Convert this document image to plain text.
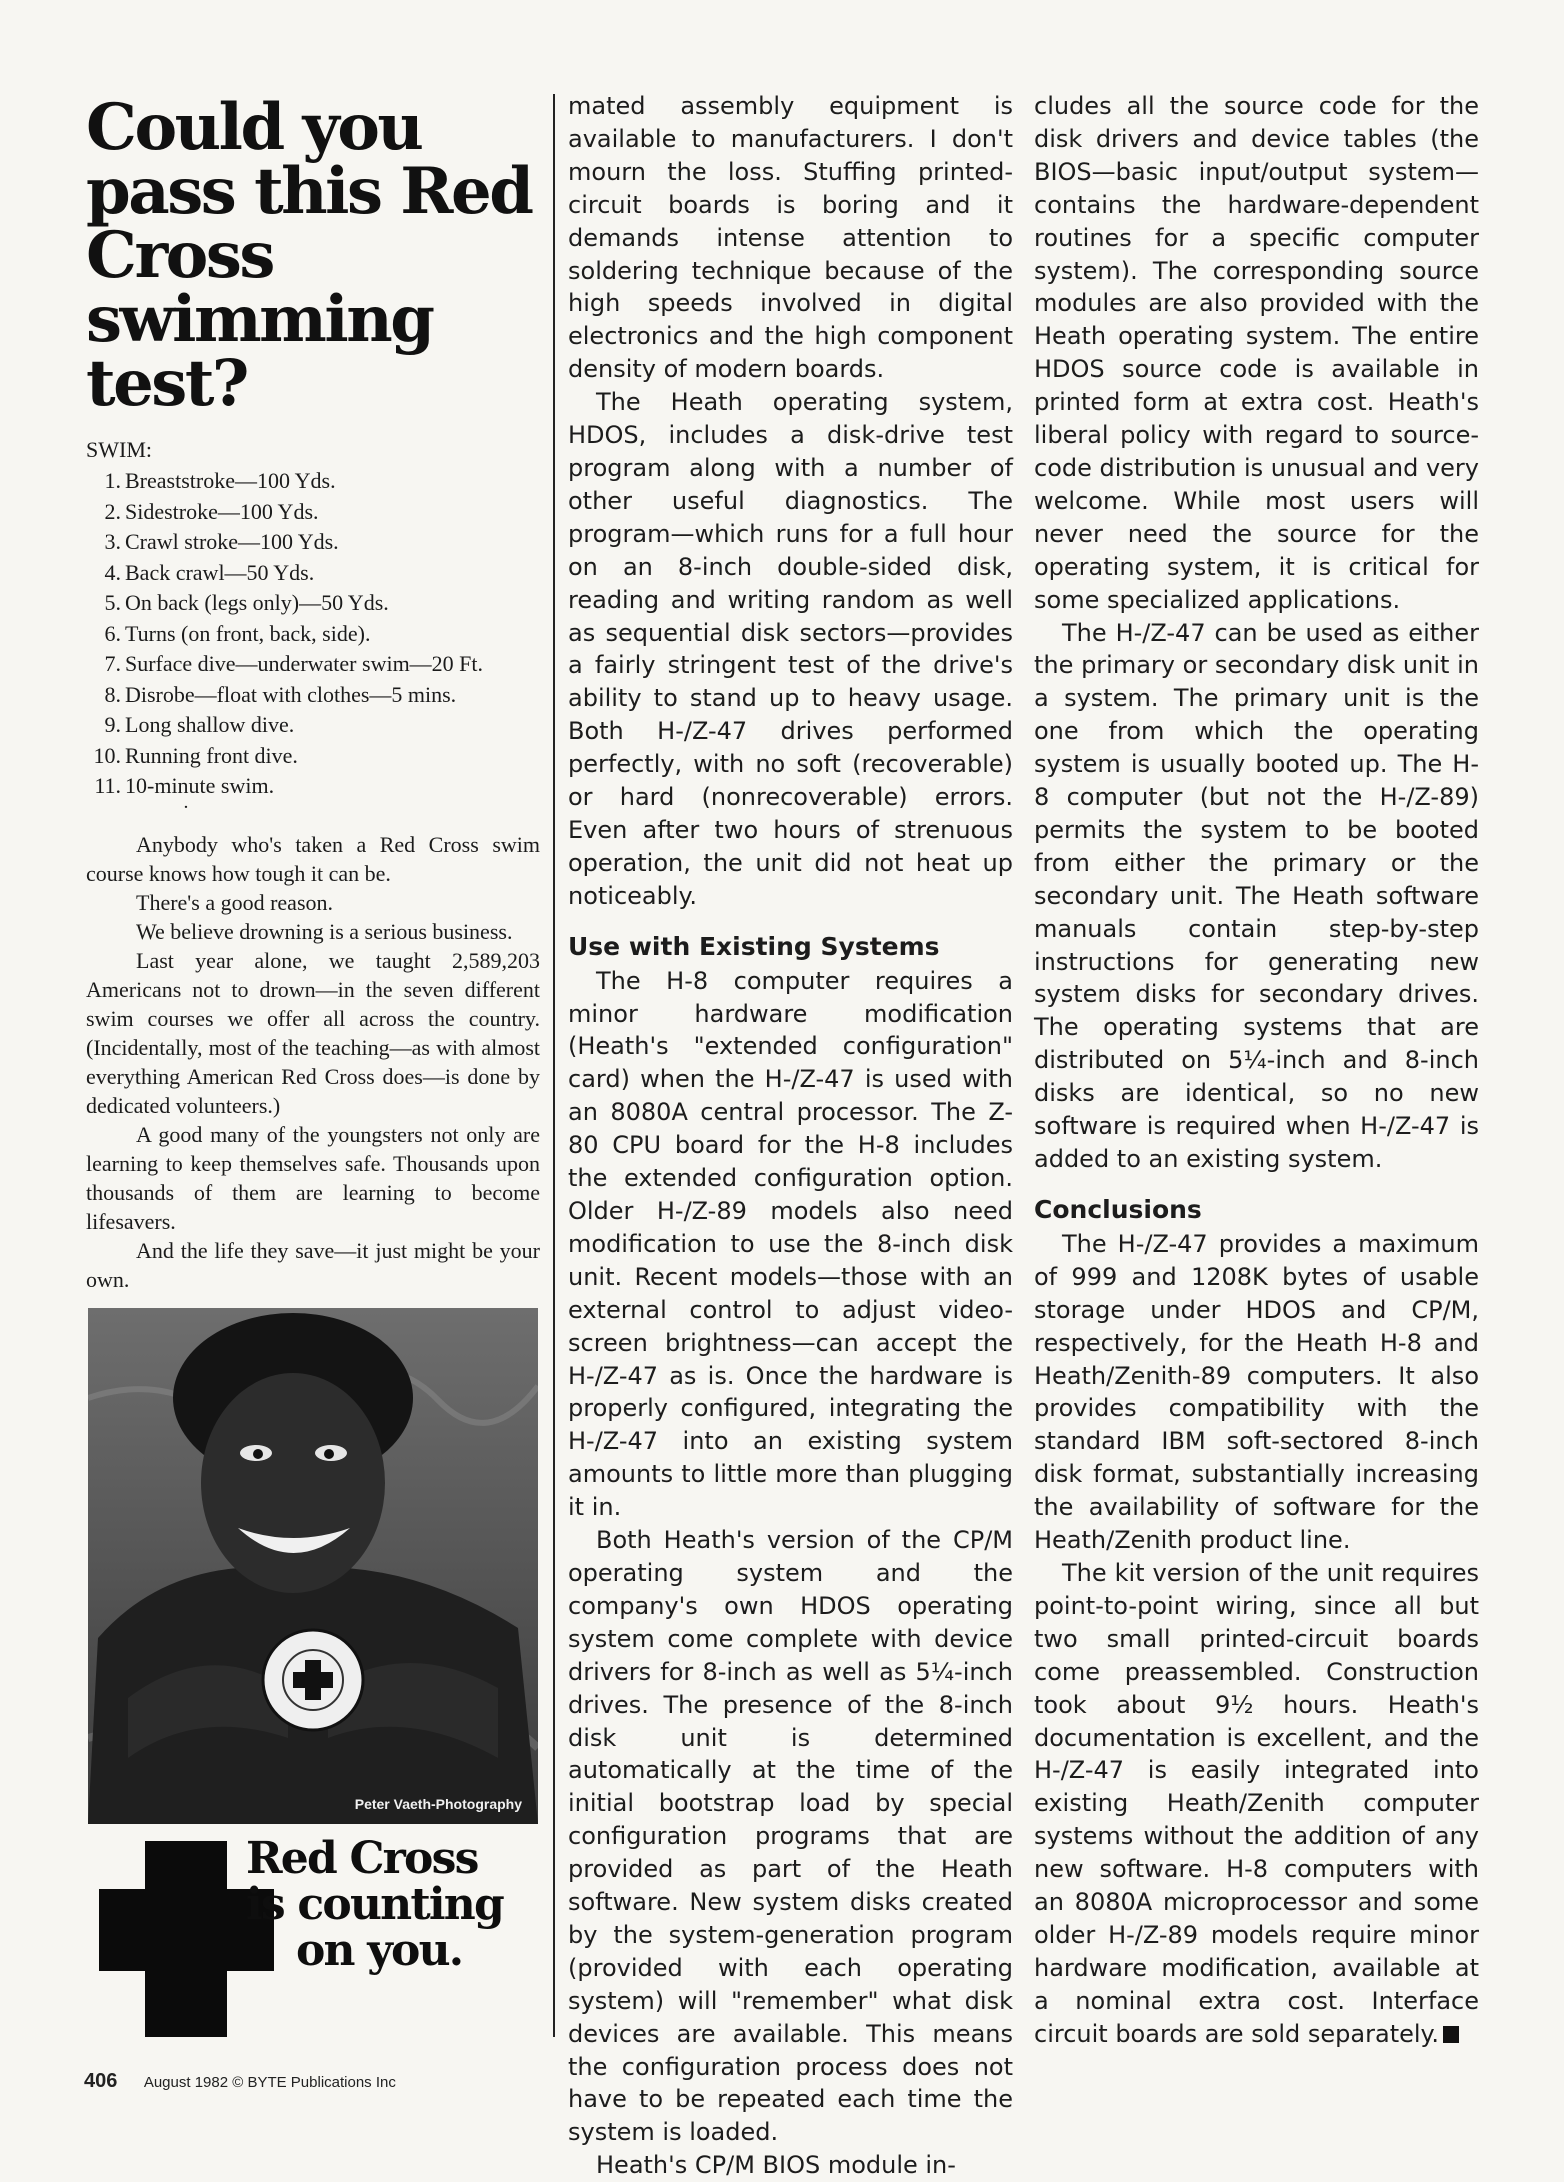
Could you pass this Red Cross swimming test?
SWIM:
1. Breaststroke—100 Yds.
2. Sidestroke—100 Yds.
3. Crawl stroke—100 Yds.
4. Back crawl—50 Yds.
5. On back (legs only)—50 Yds.
6. Turns (on front, back, side).
7. Surface dive—underwater swim—20 Ft.
8. Disrobe—float with clothes—5 mins.
9. Long shallow dive.
10. Running front dive.
11. 10-minute swim.
·

Anybody who's taken a Red Cross swim course knows how tough it can be.

There's a good reason.

We believe drowning is a serious business.

Last year alone, we taught 2,589,203 Americans not to drown—in the seven different swim courses we offer all across the country. (Incidentally, most of the teaching—as with almost everything American Red Cross does—is done by dedicated volunteers.)

A good many of the youngsters not only are learning to keep themselves safe. Thousands upon thousands of them are learning to become lifesavers.

And the life they save—it just might be your own.

Peter Vaeth-Photography
Red Cross
is counting
on you.

mated assembly equipment is available to manufacturers. I don't mourn the loss. Stuffing printed-circuit boards is boring and it demands intense attention to soldering technique because of the high speeds involved in digital electronics and the high component density of modern boards.

The Heath operating system, HDOS, includes a disk-drive test program along with a number of other useful diagnostics. The program—which runs for a full hour on an 8-inch double-sided disk, reading and writing random as well as sequential disk sectors—provides a fairly stringent test of the drive's ability to stand up to heavy usage. Both H-/Z-47 drives performed perfectly, with no soft (recoverable) or hard (nonrecoverable) errors. Even after two hours of strenuous operation, the unit did not heat up noticeably.

Use with Existing Systems

The H-8 computer requires a minor hardware modification (Heath's "extended configuration" card) when the H-/Z-47 is used with an 8080A central processor. The Z-80 CPU board for the H-8 includes the extended configuration option. Older H-/Z-89 models also need modification to use the 8-inch disk unit. Recent models—those with an external control to adjust video-screen brightness—can accept the H-/Z-47 as is. Once the hardware is properly configured, integrating the H-/Z-47 into an existing system amounts to little more than plugging it in.

Both Heath's version of the CP/M operating system and the company's own HDOS operating system come complete with device drivers for 8-inch as well as 5¼-inch drives. The presence of the 8-inch disk unit is determined automatically at the time of the initial bootstrap load by special configuration programs that are provided as part of the Heath software. New system disks created by the system-generation program (provided with each operating system) will "remember" what disk devices are available. This means the configuration process does not have to be repeated each time the system is loaded.

Heath's CP/M BIOS module in-

cludes all the source code for the disk drivers and device tables (the BIOS—basic input/output system—contains the hardware-dependent routines for a specific computer system). The corresponding source modules are also provided with the Heath operating system. The entire HDOS source code is available in printed form at extra cost. Heath's liberal policy with regard to source-code distribution is unusual and very welcome. While most users will never need the source for the operating system, it is critical for some specialized applications.

The H-/Z-47 can be used as either the primary or secondary disk unit in a system. The primary unit is the one from which the operating system is usually booted up. The H-8 computer (but not the H-/Z-89) permits the system to be booted from either the primary or the secondary unit. The Heath software manuals contain step-by-step instructions for generating new system disks for secondary drives. The operating systems that are distributed on 5¼-inch and 8-inch disks are identical, so no new software is required when H-/Z-47 is added to an existing system.

Conclusions

The H-/Z-47 provides a maximum of 999 and 1208K bytes of usable storage under HDOS and CP/M, respectively, for the Heath H-8 and Heath/Zenith-89 computers. It also provides compatibility with the standard IBM soft-sectored 8-inch disk format, substantially increasing the availability of software for the Heath/Zenith product line.

The kit version of the unit requires point-to-point wiring, since all but two small printed-circuit boards come preassembled. Construction took about 9½ hours. Heath's documentation is excellent, and the H-/Z-47 is easily integrated into existing Heath/Zenith computer systems without the addition of any new software. H-8 computers with an 8080A microprocessor and some older H-/Z-89 models require minor hardware modification, available at a nominal extra cost. Interface circuit boards are sold separately.

406 August 1982 © BYTE Publications Inc
